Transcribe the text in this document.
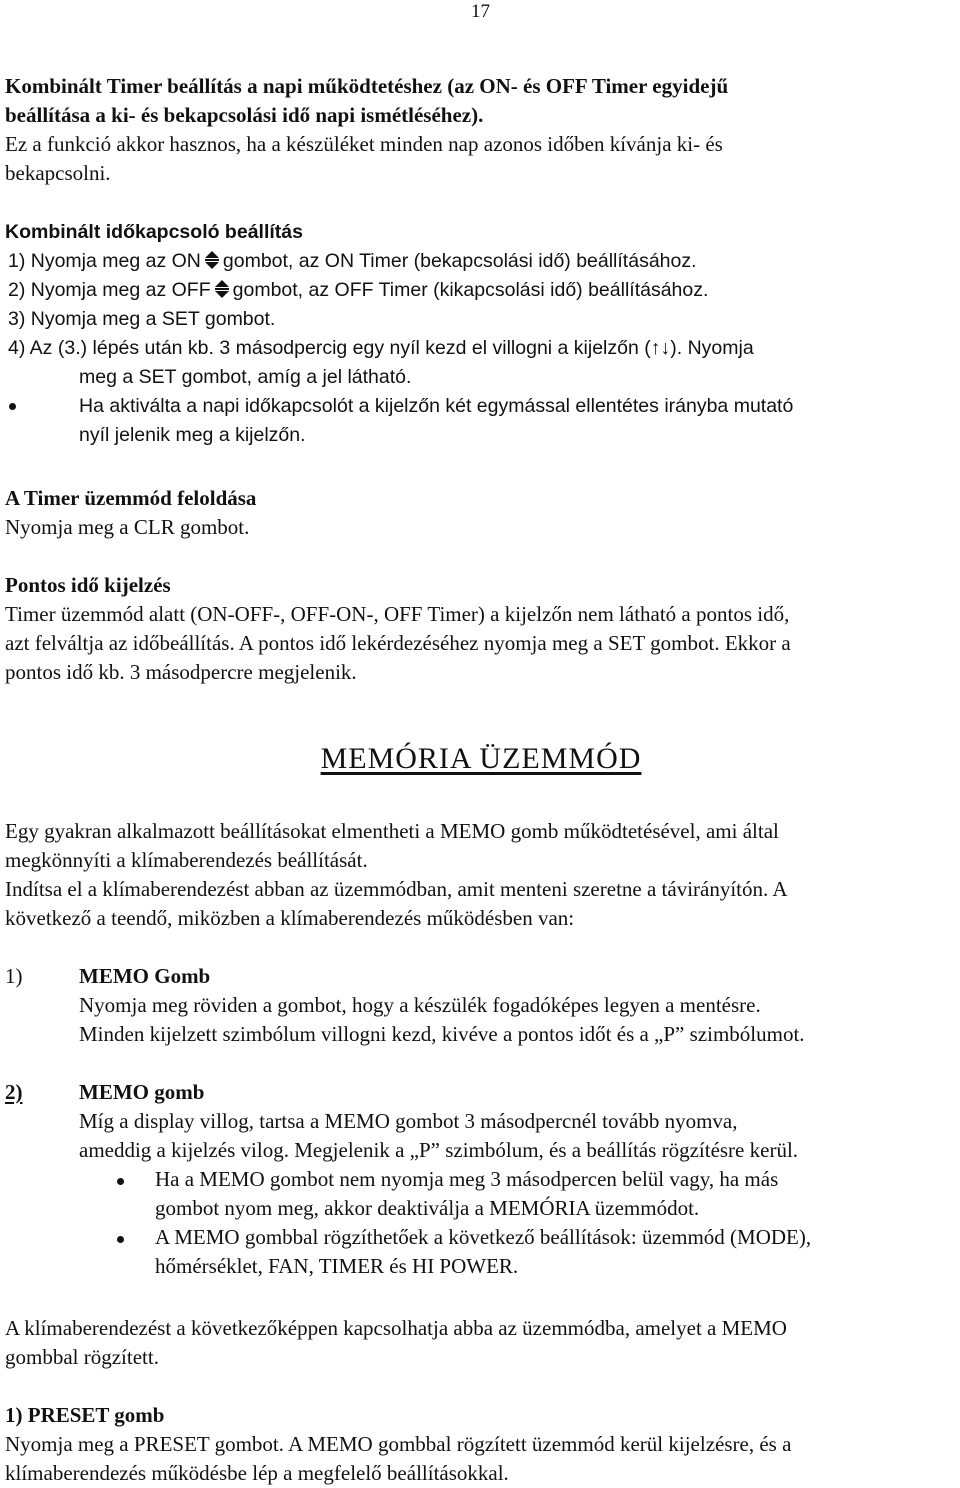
17

Kombinált Timer beállítás a napi működtetéshez (az ON- és OFF Timer egyidejű

beállítása a ki- és bekapcsolási idő napi ismétléséhez).

Ez a funkció akkor hasznos, ha a készüléket minden nap azonos időben kívánja ki- és

bekapcsolni.

Kombinált időkapcsoló beállítás

1) Nyomja meg az ON gombot, az ON Timer (bekapcsolási idő) beállításához.

2) Nyomja meg az OFF gombot, az OFF Timer (kikapcsolási idő) beállításához.

3) Nyomja meg a SET gombot.

4) Az (3.) lépés után kb. 3 másodpercig egy nyíl kezd el villogni a kijelzőn (↑↓). Nyomja

meg a SET gombot, amíg a jel látható.

Ha aktiválta a napi időkapcsolót a kijelzőn két egymással ellentétes irányba mutató
nyíl jelenik meg a kijelzőn.

A Timer üzemmód feloldása

Nyomja meg a CLR gombot.

Pontos idő kijelzés

Timer üzemmód alatt (ON-OFF-, OFF-ON-, OFF Timer) a kijelzőn nem látható a pontos idő,

azt felváltja az időbeállítás. A pontos idő lekérdezéséhez nyomja meg a SET gombot. Ekkor a

pontos idő kb. 3 másodpercre megjelenik.

MEMÓRIA ÜZEMMÓD

Egy gyakran alkalmazott beállításokat elmentheti a MEMO gomb működtetésével, ami által

megkönnyíti a klímaberendezés beállítását.

Indítsa el a klímaberendezést abban az üzemmódban, amit menteni szeretne a távirányítón. A

következő a teendő, miközben a klímaberendezés működésben van:

1)	MEMO Gomb
Nyomja meg röviden a gombot, hogy a készülék fogadóképes legyen a mentésre.
Minden kijelzett szimbólum villogni kezd, kivéve a pontos időt és a „P” szimbólumot.
2)	MEMO gomb
Míg a display villog, tartsa a MEMO gombot 3 másodpercnél tovább nyomva,
ameddig a kijelzés vilog. Megjelenik a „P” szimbólum, és a beállítás rögzítésre kerül.
Ha a MEMO gombot nem nyomja meg 3 másodpercen belül vagy, ha más
gombot nyom meg, akkor deaktiválja a MEMÓRIA üzemmódot.
A MEMO gombbal rögzíthetőek a következő beállítások: üzemmód (MODE),
hőmérséklet, FAN, TIMER és HI POWER.

A klímaberendezést a következőképpen kapcsolhatja abba az üzemmódba, amelyet a MEMO

gombbal rögzített.

1) PRESET gomb

Nyomja meg a PRESET gombot. A MEMO gombbal rögzített üzemmód kerül kijelzésre, és a

klímaberendezés működésbe lép a megfelelő beállításokkal.
